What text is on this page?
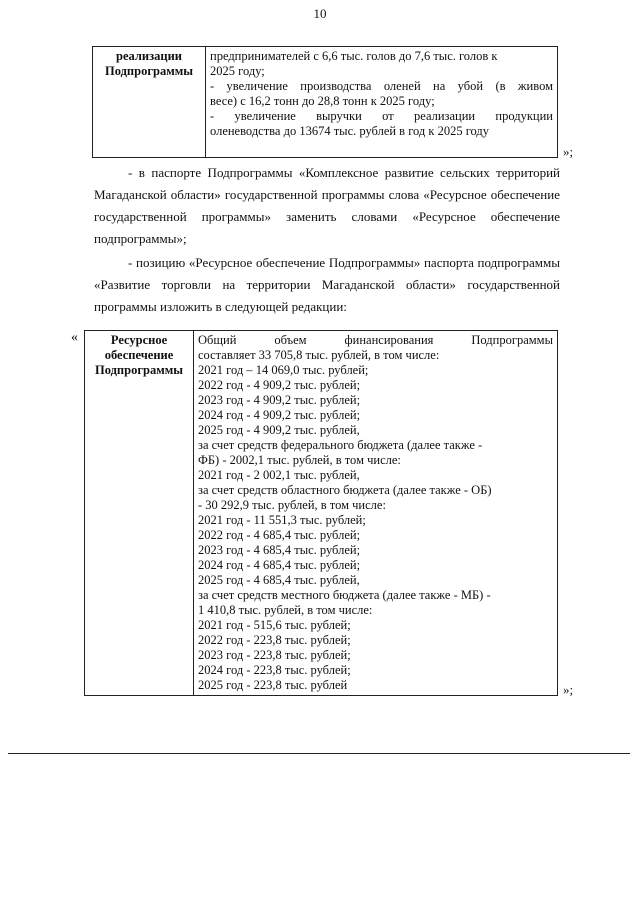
10
реализации
Подпрограммы

предпринимателей с 6,6 тыс. голов до 7,6 тыс. голов к
2025 году;
- увеличение производства оленей на убой (в живом
весе) с 16,2 тонн до 28,8 тонн к 2025 году;
- увеличение выручки от реализации продукции
оленеводства до 13674 тыс. рублей в год к 2025 году
»;
- в паспорте Подпрограммы «Комплексное развитие сельских территорий Магаданской области» государственной программы слова «Ресурсное обеспечение государственной программы» заменить словами «Ресурсное обеспечение подпрограммы»;
- позицию «Ресурсное обеспечение Подпрограммы» паспорта подпрограммы «Развитие торговли на территории Магаданской области» государственной программы изложить в следующей редакции:
«	Ресурсное
обеспечение
Подпрограммы

Общий объем финансирования Подпрограммы
составляет 33 705,8 тыс. рублей, в том числе:
2021 год – 14 069,0 тыс. рублей;
2022 год - 4 909,2 тыс. рублей;
2023 год - 4 909,2 тыс. рублей;
2024 год - 4 909,2 тыс. рублей;
2025 год - 4 909,2 тыс. рублей,
за счет средств федерального бюджета (далее также -
ФБ) - 2002,1 тыс. рублей, в том числе:
2021 год - 2 002,1 тыс. рублей,
за счет средств областного бюджета (далее также - ОБ)
- 30 292,9 тыс. рублей, в том числе:
2021 год - 11 551,3 тыс. рублей;
2022 год - 4 685,4 тыс. рублей;
2023 год - 4 685,4 тыс. рублей;
2024 год - 4 685,4 тыс. рублей;
2025 год - 4 685,4 тыс. рублей,
за счет средств местного бюджета (далее также - МБ) -
1 410,8 тыс. рублей, в том числе:
2021 год - 515,6 тыс. рублей;
2022 год - 223,8 тыс. рублей;
2023 год - 223,8 тыс. рублей;
2024 год - 223,8 тыс. рублей;
2025 год - 223,8 тыс. рублей	»;
